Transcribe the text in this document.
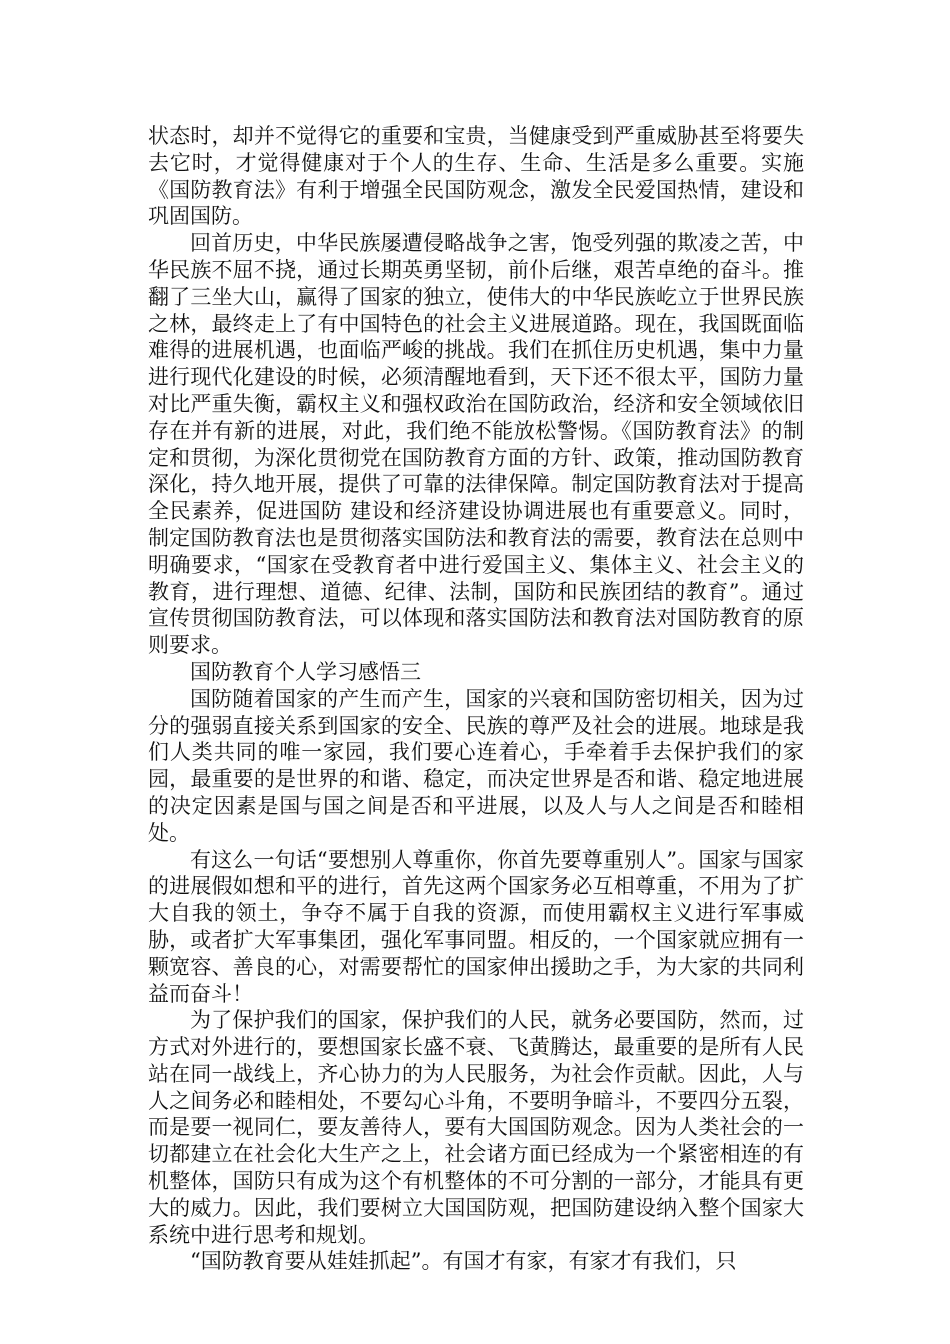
状态时，却并不觉得它的重要和宝贵，当健康受到严重威胁甚至将要失去它时，才觉得健康对于个人的生存、生命、生活是多么重要。实施《国防教育法》有利于增强全民国防观念，激发全民爱国热情，建设和巩固国防。

回首历史，中华民族屡遭侵略战争之害，饱受列强的欺凌之苦，中华民族不屈不挠，通过长期英勇坚韧，前仆后继，艰苦卓绝的奋斗。推翻了三坐大山，赢得了国家的独立，使伟大的中华民族屹立于世界民族之林，最终走上了有中国特色的社会主义进展道路。现在，我国既面临难得的进展机遇，也面临严峻的挑战。我们在抓住历史机遇，集中力量进行现代化建设的时候，必须清醒地看到，天下还不很太平，国防力量对比严重失衡，霸权主义和强权政治在国防政治，经济和安全领域依旧存在并有新的进展，对此，我们绝不能放松警惕。《国防教育法》的制定和贯彻，为深化贯彻党在国防教育方面的方针、政策，推动国防教育深化，持久地开展，提供了可靠的法律保障。制定国防教育法对于提高全民素养，促进国防 建设和经济建设协调进展也有重要意义。同时，制定国防教育法也是贯彻落实国防法和教育法的需要，教育法在总则中明确要求，“国家在受教育者中进行爱国主义、集体主义、社会主义的教育，进行理想、道德、纪律、法制，国防和民族团结的教育”。通过宣传贯彻国防教育法，可以体现和落实国防法和教育法对国防教育的原则要求。

国防教育个人学习感悟三

国防随着国家的产生而产生，国家的兴衰和国防密切相关，因为过分的强弱直接关系到国家的安全、民族的尊严及社会的进展。地球是我们人类共同的唯一家园，我们要心连着心，手牵着手去保护我们的家园，最重要的是世界的和谐、稳定，而决定世界是否和谐、稳定地进展的决定因素是国与国之间是否和平进展，以及人与人之间是否和睦相处。

有这么一句话“要想别人尊重你，你首先要尊重别人”。国家与国家的进展假如想和平的进行，首先这两个国家务必互相尊重，不用为了扩大自我的领土，争夺不属于自我的资源，而使用霸权主义进行军事威胁，或者扩大军事集团，强化军事同盟。相反的，一个国家就应拥有一颗宽容、善良的心，对需要帮忙的国家伸出援助之手，为大家的共同利益而奋斗！

为了保护我们的国家，保护我们的人民，就务必要国防，然而，过方式对外进行的，要想国家长盛不衰、飞黄腾达，最重要的是所有人民站在同一战线上，齐心协力的为人民服务，为社会作贡献。因此，人与人之间务必和睦相处，不要勾心斗角，不要明争暗斗，不要四分五裂，而是要一视同仁，要友善待人，要有大国国防观念。因为人类社会的一切都建立在社会化大生产之上，社会诸方面已经成为一个紧密相连的有机整体，国防只有成为这个有机整体的不可分割的一部分，才能具有更大的威力。因此，我们要树立大国国防观，把国防建设纳入整个国家大系统中进行思考和规划。

“国防教育要从娃娃抓起”。有国才有家，有家才有我们，只
